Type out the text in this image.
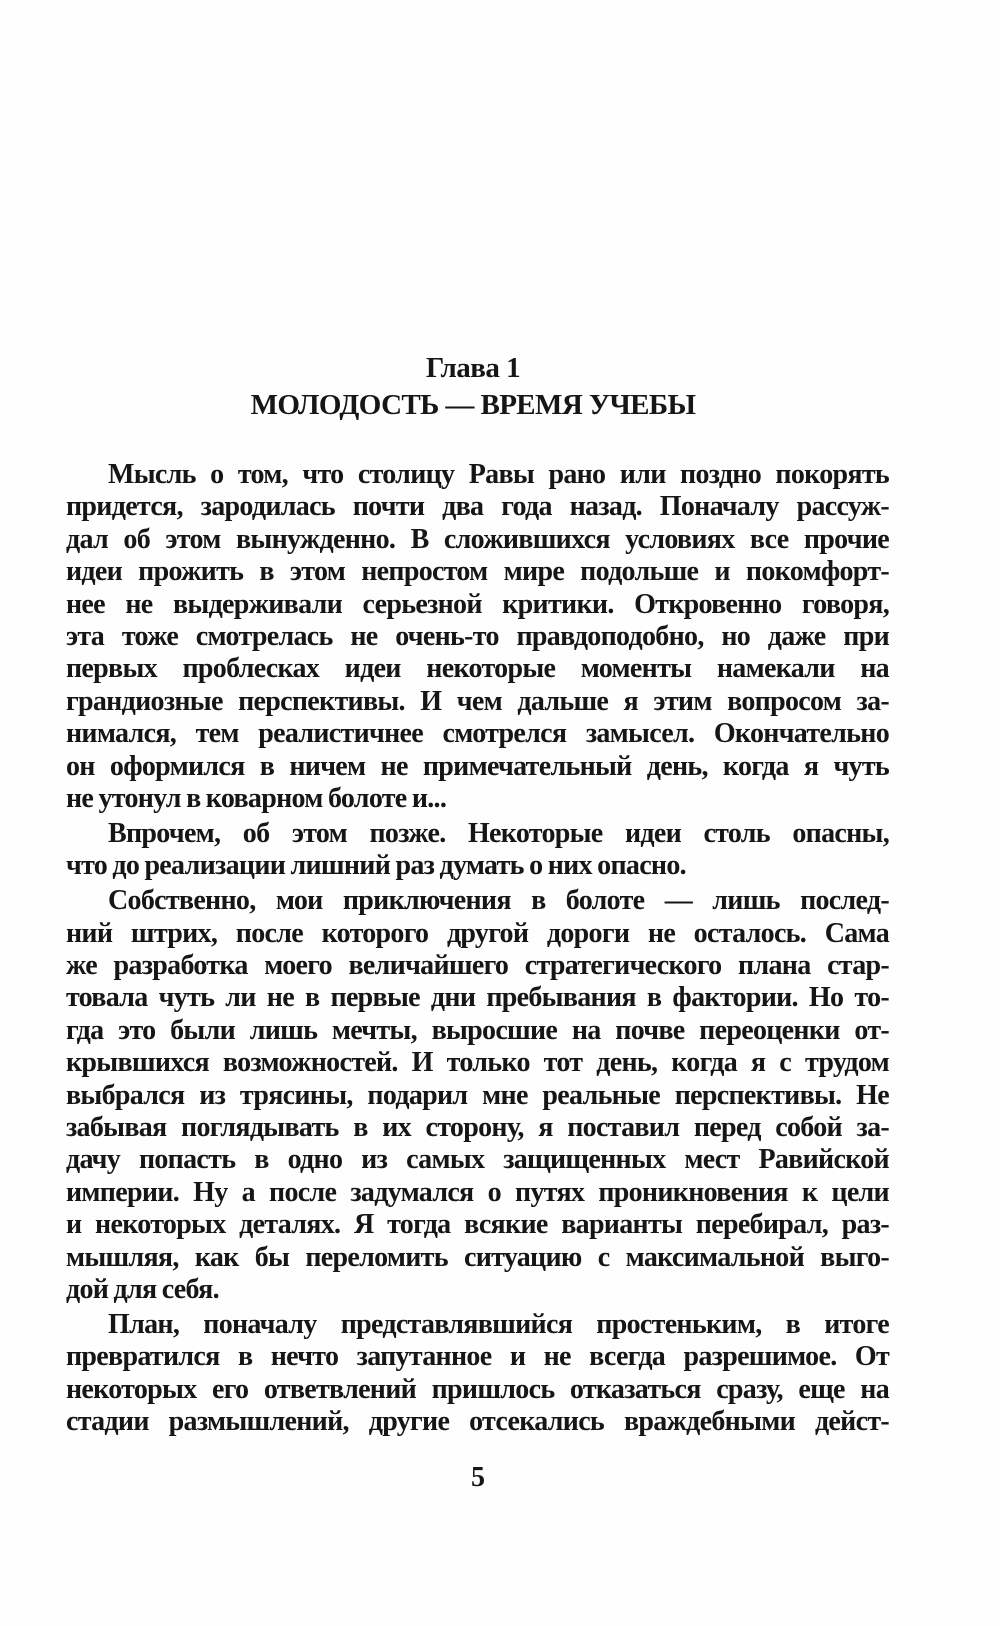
Глава 1
МОЛОДОСТЬ — ВРЕМЯ УЧЕБЫ
Мысль о том, что столицу Равы рано или поздно покорять
придется, зародилась почти два года назад. Поначалу рассуж-
дал об этом вынужденно. В сложившихся условиях все прочие
идеи прожить в этом непростом мире подольше и покомфорт-
нее не выдерживали серьезной критики. Откровенно говоря,
эта тоже смотрелась не очень-то правдоподобно, но даже при
первых проблесках идеи некоторые моменты намекали на
грандиозные перспективы. И чем дальше я этим вопросом за-
нимался, тем реалистичнее смотрелся замысел. Окончательно
он оформился в ничем не примечательный день, когда я чуть
не утонул в коварном болоте и...
Впрочем, об этом позже. Некоторые идеи столь опасны,
что до реализации лишний раз думать о них опасно.
Собственно, мои приключения в болоте — лишь послед-
ний штрих, после которого другой дороги не осталось. Сама
же разработка моего величайшего стратегического плана стар-
товала чуть ли не в первые дни пребывания в фактории. Но то-
гда это были лишь мечты, выросшие на почве переоценки от-
крывшихся возможностей. И только тот день, когда я с трудом
выбрался из трясины, подарил мне реальные перспективы. Не
забывая поглядывать в их сторону, я поставил перед собой за-
дачу попасть в одно из самых защищенных мест Равийской
империи. Ну а после задумался о путях проникновения к цели
и некоторых деталях. Я тогда всякие варианты перебирал, раз-
мышляя, как бы переломить ситуацию с максимальной выго-
дой для себя.
План, поначалу представлявшийся простеньким, в итоге
превратился в нечто запутанное и не всегда разрешимое. От
некоторых его ответвлений пришлось отказаться сразу, еще на
стадии размышлений, другие отсекались враждебными дейст-
5
